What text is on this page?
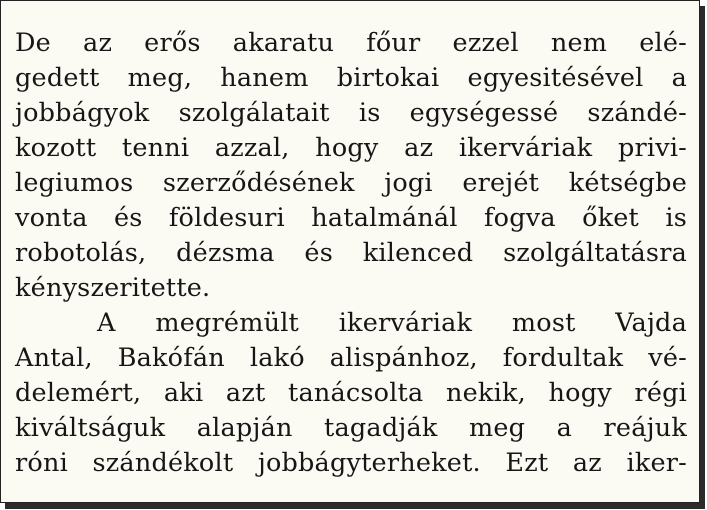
De az erős akaratu főur ezzel nem elé-
gedett meg, hanem birtokai egyesitésével a
jobbágyok szolgálatait is egységessé szándé-
kozott tenni azzal, hogy az ikerváriak privi-
legiumos szerződésének jogi erejét kétségbe
vonta és földesuri hatalmánál fogva őket is
robotolás, dézsma és kilenced szolgáltatásra
kényszeritette.
A megrémült ikerváriak most Vajda
Antal, Bakófán lakó alispánhoz, fordultak vé-
delemért, aki azt tanácsolta nekik, hogy régi
kiváltságuk alapján tagadják meg a reájuk
róni szándékolt jobbágyterheket. Ezt az iker-
